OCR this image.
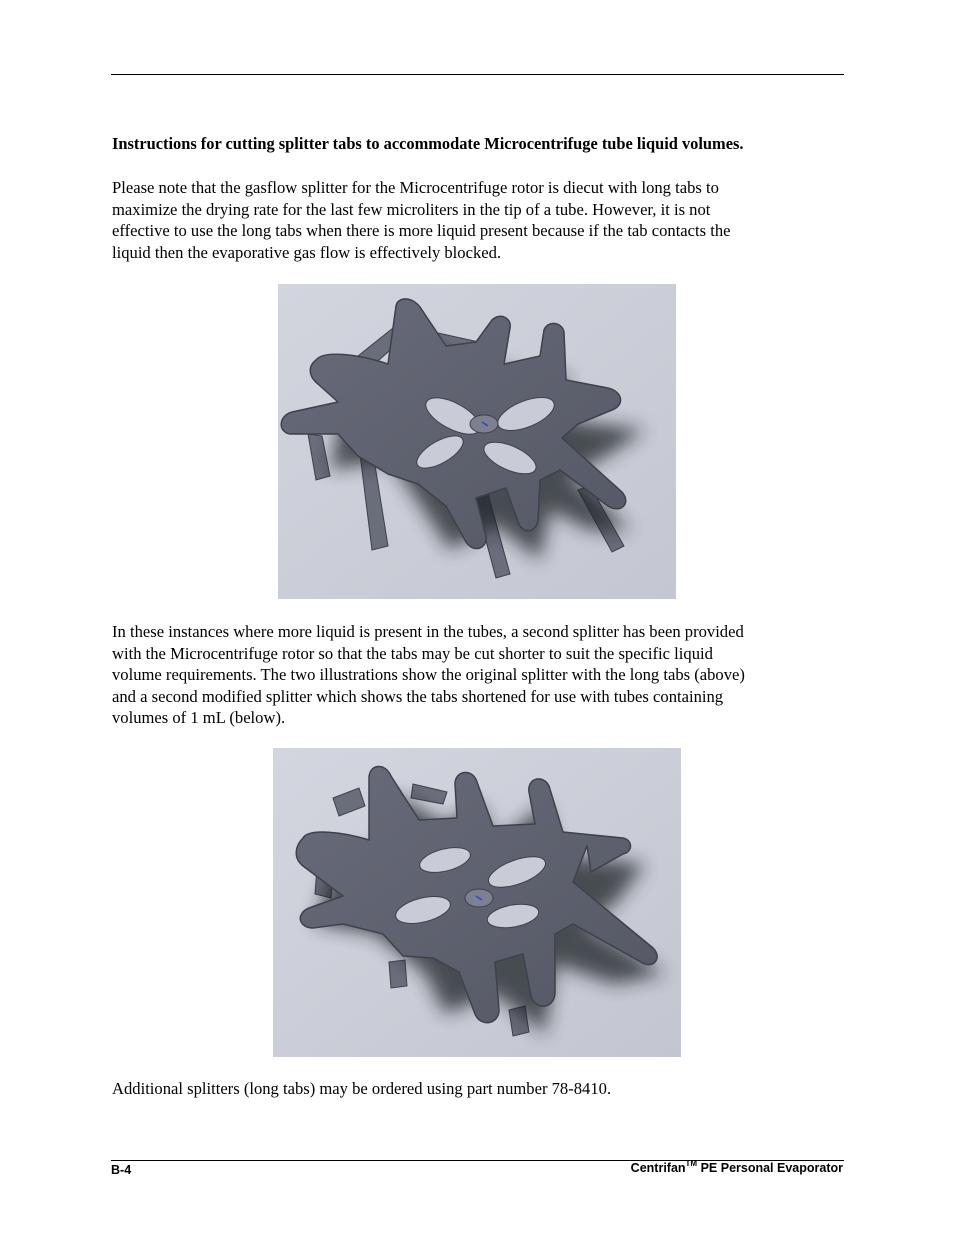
Instructions for cutting splitter tabs to accommodate Microcentrifuge tube liquid volumes.
Please note that the gasflow splitter for the Microcentrifuge rotor is diecut with long tabs to
maximize the drying rate for the last few microliters in the tip of a tube. However, it is not
effective to use the long tabs when there is more liquid present because if the tab contacts the
liquid then the evaporative gas flow is effectively blocked.
In these instances where more liquid is present in the tubes, a second splitter has been provided
with the Microcentrifuge rotor so that the tabs may be cut shorter to suit the specific liquid
volume requirements. The two illustrations show the original splitter with the long tabs (above)
and a second modified splitter which shows the tabs shortened for use with tubes containing
volumes of 1 mL (below).
Additional splitters (long tabs) may be ordered using part number 78-8410.
B-4	Centrifan™ PE Personal Evaporator
